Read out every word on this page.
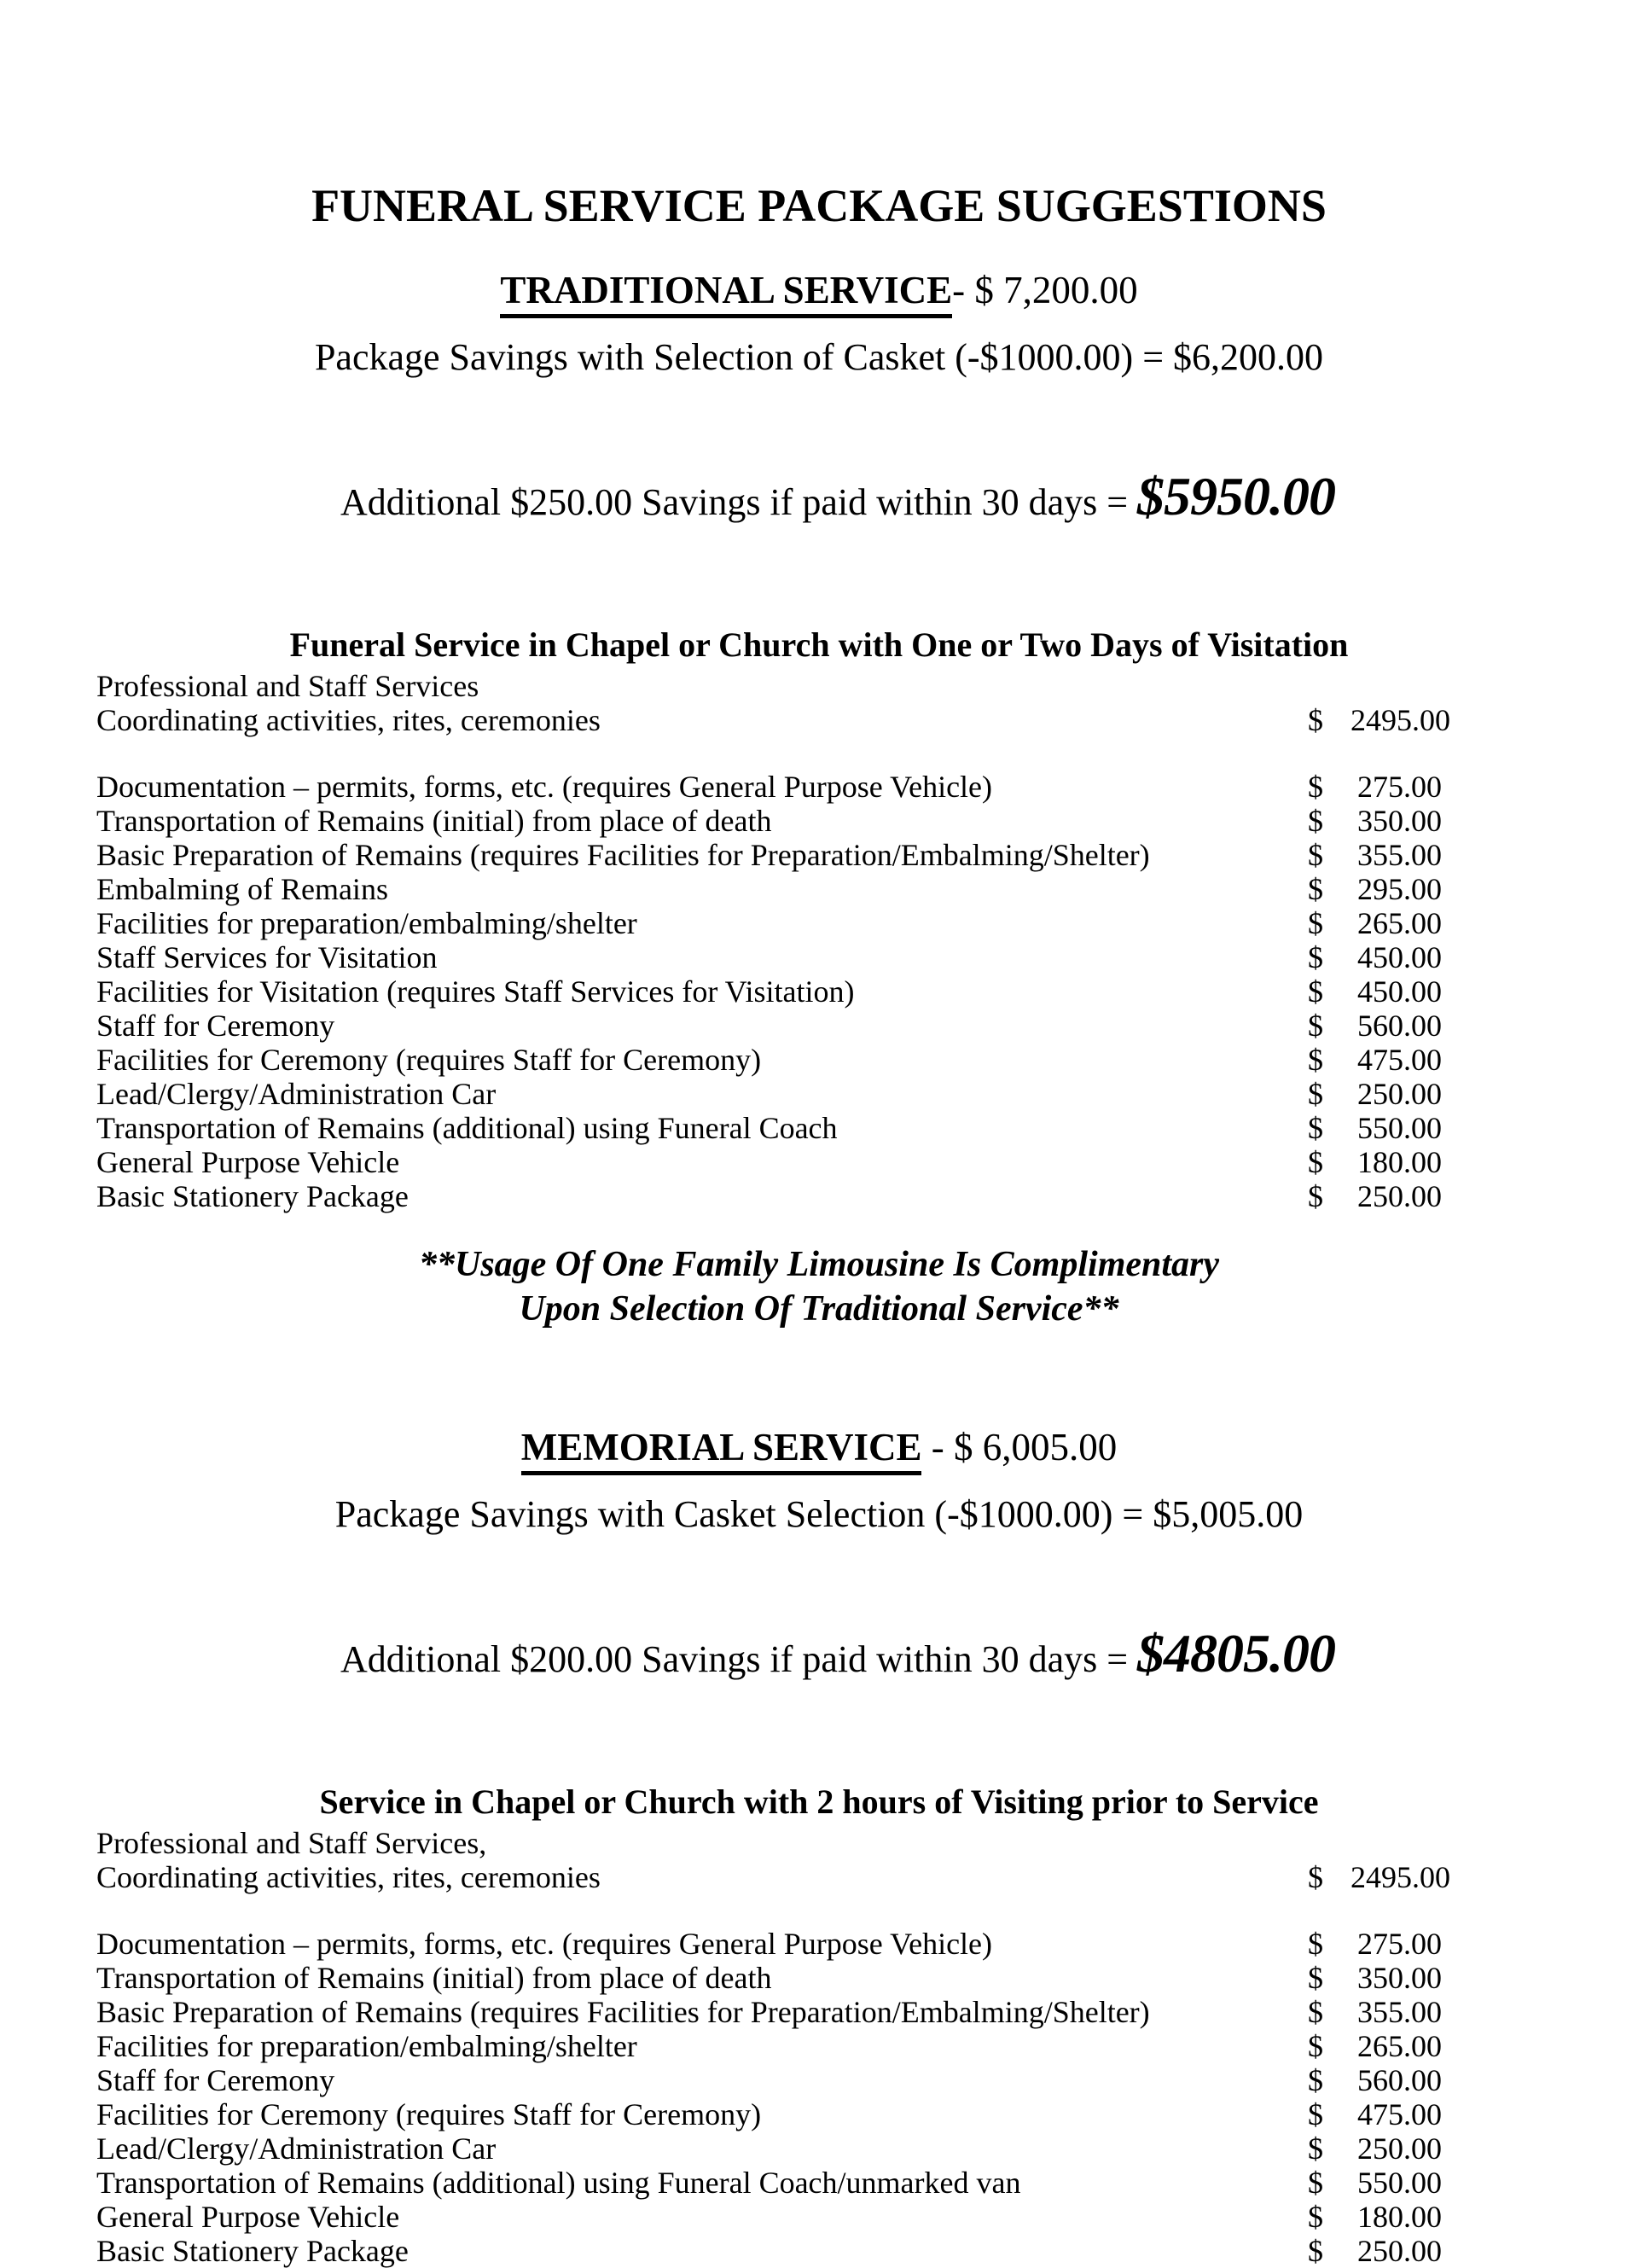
FUNERAL SERVICE PACKAGE SUGGESTIONS
TRADITIONAL SERVICE- $ 7,200.00
Package Savings with Selection of Casket (-$1000.00) = $6,200.00

Additional $250.00 Savings if paid within 30 days = $5950.00

Funeral Service in Chapel or Church with One or Two Days of Visitation
Professional and Staff Services
Coordinating activities, rites, ceremonies	$ 2495.00
Documentation – permits, forms, etc. (requires General Purpose Vehicle)	$	275.00
Transportation of Remains (initial) from place of death	$	350.00
Basic Preparation of Remains (requires Facilities for Preparation/Embalming/Shelter)	$	355.00
Embalming of Remains	$	295.00
Facilities for preparation/embalming/shelter	$	265.00
Staff Services for Visitation	$	450.00
Facilities for Visitation (requires Staff Services for Visitation)	$	450.00
Staff for Ceremony	$	560.00
Facilities for Ceremony (requires Staff for Ceremony)	$	475.00
Lead/Clergy/Administration Car	$	250.00
Transportation of Remains (additional) using Funeral Coach	$	550.00
General Purpose Vehicle	$	180.00
Basic Stationery Package	$	250.00
**Usage Of One Family Limousine Is Complimentary
Upon Selection Of Traditional Service**
MEMORIAL SERVICE - $ 6,005.00
Package Savings with Casket Selection (-$1000.00) = $5,005.00

Additional $200.00 Savings if paid within 30 days = $4805.00

Service in Chapel or Church with 2 hours of Visiting prior to Service
Professional and Staff Services,
Coordinating activities, rites, ceremonies	$ 2495.00
Documentation – permits, forms, etc. (requires General Purpose Vehicle)	$	275.00
Transportation of Remains (initial) from place of death	$	350.00
Basic Preparation of Remains (requires Facilities for Preparation/Embalming/Shelter)	$	355.00
Facilities for preparation/embalming/shelter	$	265.00
Staff for Ceremony	$	560.00
Facilities for Ceremony (requires Staff for Ceremony)	$	475.00
Lead/Clergy/Administration Car	$	250.00
Transportation of Remains (additional) using Funeral Coach/unmarked van	$	550.00
General Purpose Vehicle	$	180.00
Basic Stationery Package	$	250.00
